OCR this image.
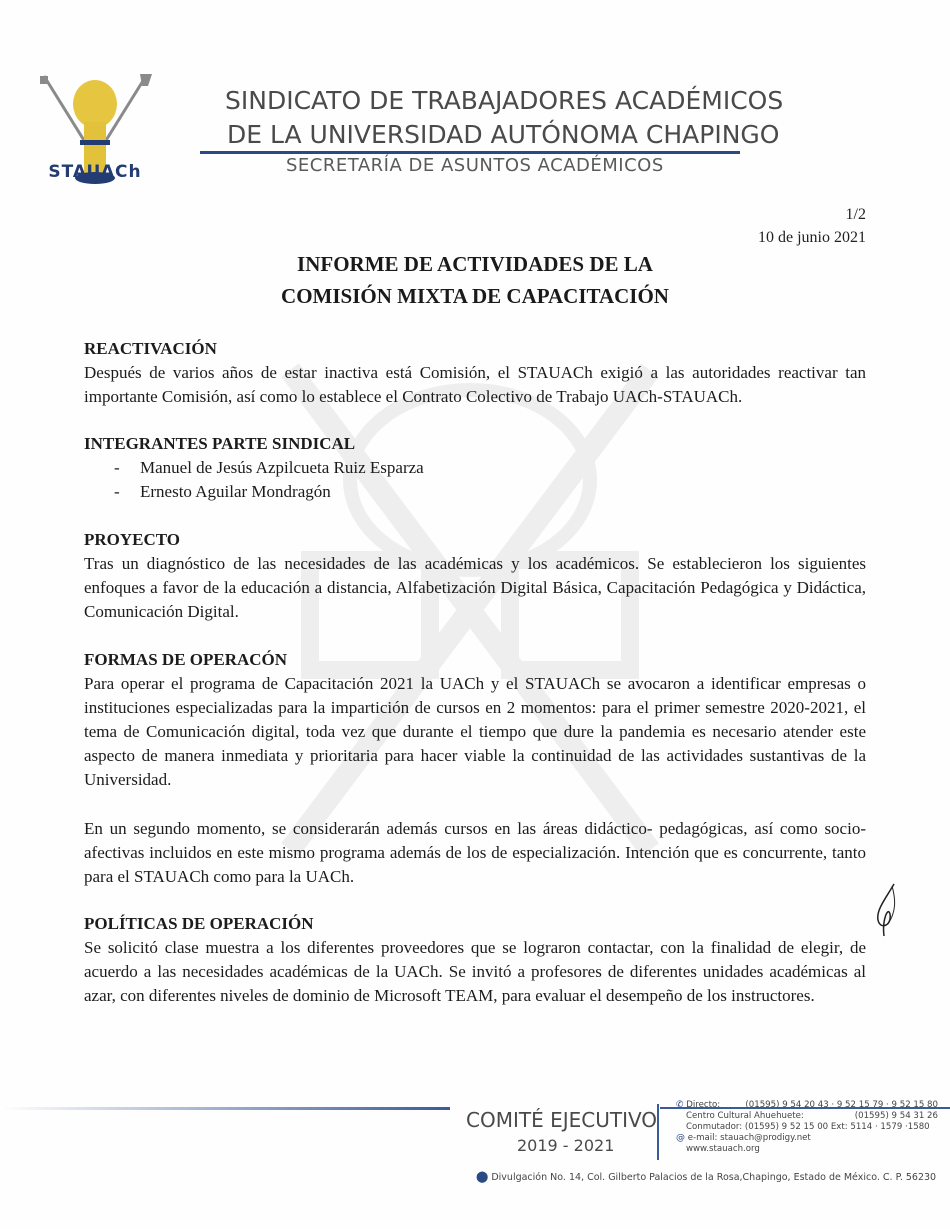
STAUACh
SINDICATO DE TRABAJADORES ACADÉMICOS
DE LA UNIVERSIDAD AUTÓNOMA CHAPINGO
SECRETARÍA DE ASUNTOS ACADÉMICOS
1/2
10 de junio 2021
INFORME DE ACTIVIDADES DE LA
COMISIÓN MIXTA DE CAPACITACIÓN
REACTIVACIÓN
Después de varios años de estar inactiva está Comisión, el STAUACh exigió a las autoridades reactivar tan importante Comisión, así como lo establece el Contrato Colectivo de Trabajo UACh-STAUACh.
INTEGRANTES PARTE SINDICAL
- Manuel de Jesús Azpilcueta Ruiz Esparza
- Ernesto Aguilar Mondragón
PROYECTO
Tras un diagnóstico de las necesidades de las académicas y los académicos. Se establecieron los siguientes enfoques a favor de la educación a distancia, Alfabetización Digital Básica, Capacitación Pedagógica y Didáctica, Comunicación Digital.
FORMAS DE OPERACÓN
Para operar el programa de Capacitación 2021 la UACh y el STAUACh se avocaron a identificar empresas o instituciones especializadas para la impartición de cursos en 2 momentos: para el primer semestre 2020-2021, el tema de Comunicación digital, toda vez que durante el tiempo que dure la pandemia es necesario atender este aspecto de manera inmediata y prioritaria para hacer viable la continuidad de las actividades sustantivas de la Universidad.
En un segundo momento, se considerarán además cursos en las áreas didáctico- pedagógicas, así como socio-afectivas incluidos en este mismo programa además de los de especialización. Intención que es concurrente, tanto para el STAUACh como para la UACh.
POLÍTICAS DE OPERACIÓN
Se solicitó clase muestra a los diferentes proveedores que se lograron contactar, con la finalidad de elegir, de acuerdo a las necesidades académicas de la UACh. Se invitó a profesores de diferentes unidades académicas al azar, con diferentes niveles de dominio de Microsoft TEAM, para evaluar el desempeño de los instructores.
COMITÉ EJECUTIVO
2019 - 2021
✆ Directo:	(01595) 9 54 20 43 · 9 52 15 79 · 9 52 15 80
Centro Cultural Ahuehuete:	(01595) 9 54 31 26
Conmutador: (01595) 9 52 15 00 Ext: 5114 · 1579 ·1580
@ e-mail: stauach@prodigy.net
www.stauach.org
⬤ Divulgación No. 14, Col. Gilberto Palacios de la Rosa,Chapingo, Estado de México. C. P. 56230
